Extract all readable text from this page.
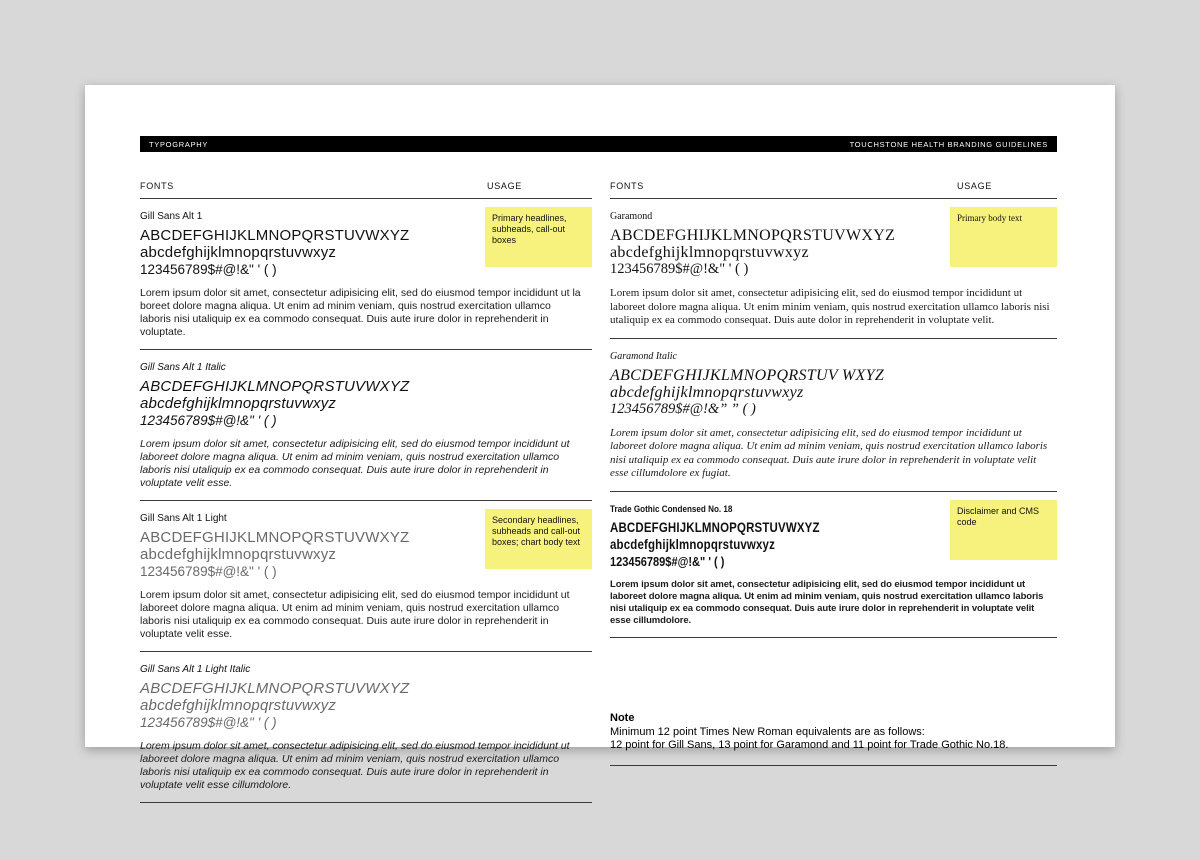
TYPOGRAPHY	TOUCHSTONE HEALTH BRANDING GUIDELINES
FONTS	USAGE
Gill Sans Alt 1
ABCDEFGHIJKLMNOPQRSTUVWXYZ
abcdefghijklmnopqrstuvwxyz
123456789$#@!&" ' ( )
Primary headlines, subheads, call-out boxes

Lorem ipsum dolor sit amet, consectetur adipisicing elit, sed do eiusmod tempor incididunt ut la boreet dolore magna aliqua. Ut enim ad minim veniam, quis nostrud exercitation ullamco laboris nisi utaliquip ex ea commodo consequat. Duis aute irure dolor in reprehenderit in voluptate.

Gill Sans Alt 1 Italic
ABCDEFGHIJKLMNOPQRSTUVWXYZ
abcdefghijklmnopqrstuvwxyz
123456789$#@!&" ' ( )

Lorem ipsum dolor sit amet, consectetur adipisicing elit, sed do eiusmod tempor incididunt ut laboreet dolore magna aliqua. Ut enim ad minim veniam, quis nostrud exercitation ullamco laboris nisi utaliquip ex ea commodo consequat. Duis aute irure dolor in reprehenderit in voluptate velit esse.

Gill Sans Alt 1 Light
ABCDEFGHIJKLMNOPQRSTUVWXYZ
abcdefghijklmnopqrstuvwxyz
123456789$#@!&" ' ( )
Secondary headlines, subheads and call-out boxes; chart body text

Lorem ipsum dolor sit amet, consectetur adipisicing elit, sed do eiusmod tempor incididunt ut laboreet dolore magna aliqua. Ut enim ad minim veniam, quis nostrud exercitation ullamco laboris nisi utaliquip ex ea commodo consequat. Duis aute irure dolor in reprehenderit in voluptate velit esse.

Gill Sans Alt 1 Light Italic
ABCDEFGHIJKLMNOPQRSTUVWXYZ
abcdefghijklmnopqrstuvwxyz
123456789$#@!&" ' ( )

Lorem ipsum dolor sit amet, consectetur adipisicing elit, sed do eiusmod tempor incididunt ut laboreet dolore magna aliqua. Ut enim ad minim veniam, quis nostrud exercitation ullamco laboris nisi utaliquip ex ea commodo consequat. Duis aute irure dolor in reprehenderit in voluptate velit esse cillumdolore.

FONTS	USAGE
Garamond
ABCDEFGHIJKLMNOPQRSTUVWXYZ
abcdefghijklmnopqrstuvwxyz
123456789$#@!&" ' ( )
Primary body text

Lorem ipsum dolor sit amet, consectetur adipisicing elit, sed do eiusmod tempor incididunt ut laboreet dolore magna aliqua. Ut enim minim veniam, quis nostrud exercitation ullamco laboris nisi utaliquip ex ea commodo consequat. Duis aute dolor in reprehenderit in voluptate velit.

Garamond Italic
ABCDEFGHIJKLMNOPQRSTUV WXYZ
abcdefghijklmnopqrstuvwxyz
123456789$#@!&” ” ( )

Lorem ipsum dolor sit amet, consectetur adipisicing elit, sed do eiusmod tempor incididunt ut laboreet dolore magna aliqua. Ut enim ad minim veniam, quis nostrud exercitation ullamco laboris nisi utaliquip ex ea commodo consequat. Duis aute irure dolor in reprehenderit in voluptate velit esse cillumdolore ex fugiat.

Trade Gothic Condensed No. 18
ABCDEFGHIJKLMNOPQRSTUVWXYZ
abcdefghijklmnopqrstuvwxyz
123456789$#@!&" ' ( )
Disclaimer and CMS code

Lorem ipsum dolor sit amet, consectetur adipisicing elit, sed do eiusmod tempor incididunt ut laboreet dolore magna aliqua. Ut enim ad minim veniam, quis nostrud exercitation ullamco laboris nisi utaliquip ex ea commodo consequat. Duis aute irure dolor in reprehenderit in voluptate velit esse cillumdolore.

Note
Minimum 12 point Times New Roman equivalents are as follows:
12 point for Gill Sans, 13 point for Garamond and 11 point for Trade Gothic No.18.
